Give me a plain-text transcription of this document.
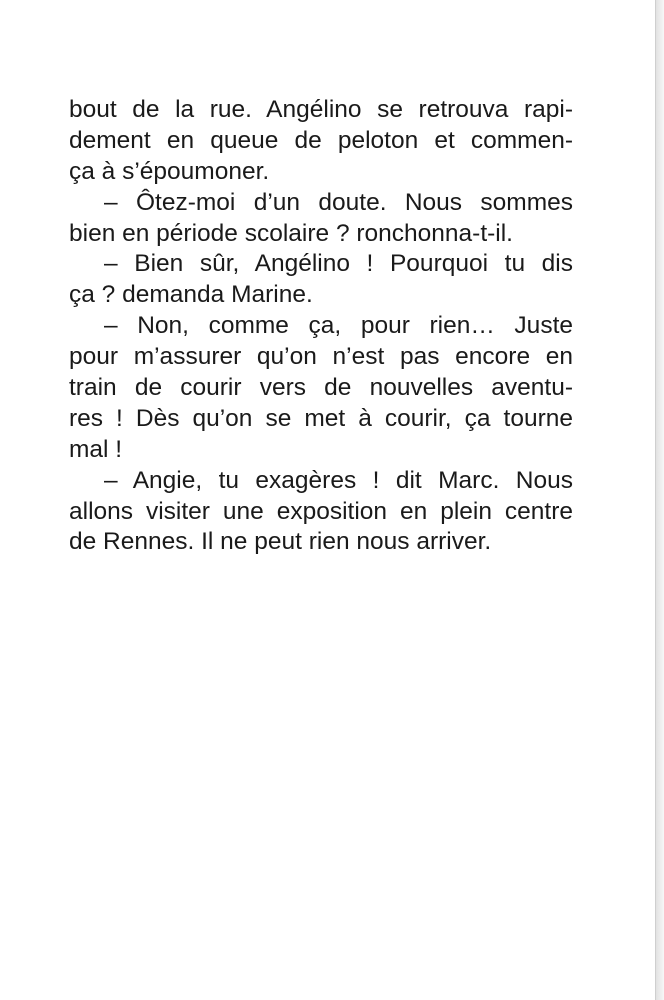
bout de la rue. Angélino se retrouva rapi-
dement en queue de peloton et commen-
ça à s’époumoner.
– Ôtez-moi d’un doute. Nous sommes
bien en période scolaire ? ronchonna-t-il.
– Bien sûr, Angélino ! Pourquoi tu dis
ça ? demanda Marine.
– Non, comme ça, pour rien… Juste
pour m’assurer qu’on n’est pas encore en
train de courir vers de nouvelles aventu-
res ! Dès qu’on se met à courir, ça tourne
mal !
– Angie, tu exagères ! dit Marc. Nous
allons visiter une exposition en plein centre
de Rennes. Il ne peut rien nous arriver.
